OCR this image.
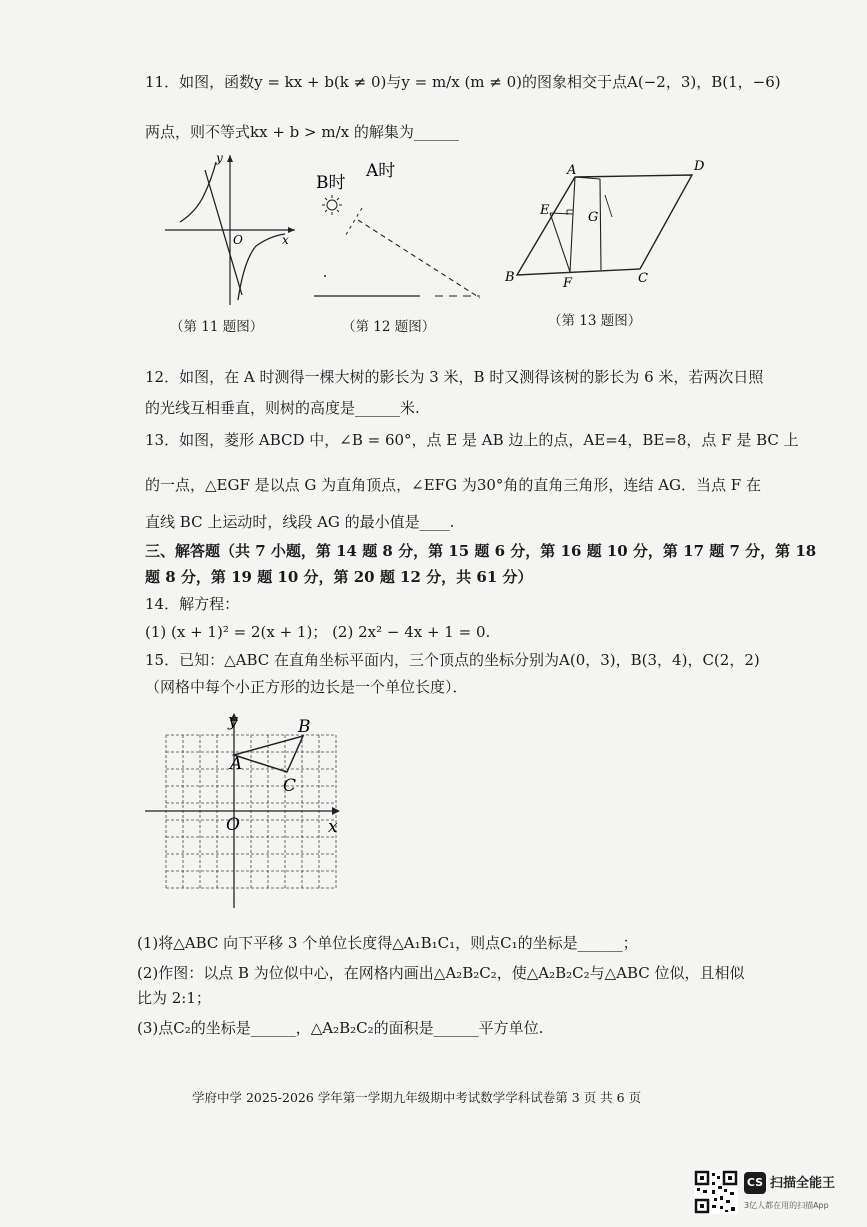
11．如图，函数y = kx + b(k ≠ 0)与y = m/x (m ≠ 0)的图象相交于点A(−2，3)，B(1，−6)
两点，则不等式kx + b > m/x 的解集为______
y
x
O
（第 11 题图）
B时
A时
（第 12 题图）
A	D
E	G
B	F	C
（第 13 题图）
12．如图，在 A 时测得一棵大树的影长为 3 米，B 时又测得该树的影长为 6 米，若两次日照
的光线互相垂直，则树的高度是______米.
13．如图，菱形 ABCD 中，∠B = 60°，点 E 是 AB 边上的点，AE=4，BE=8，点 F 是 BC 上
的一点，△EGF 是以点 G 为直角顶点，∠EFG 为30°角的直角三角形，连结 AG．当点 F 在
直线 BC 上运动时，线段 AG 的最小值是____.
三、解答题（共 7 小题，第 14 题 8 分，第 15 题 6 分，第 16 题 10 分，第 17 题 7 分，第 18
题 8 分，第 19 题 10 分，第 20 题 12 分，共 61 分）
14．解方程：
(1) (x + 1)² = 2(x + 1)； (2) 2x² − 4x + 1 = 0.
15．已知：△ABC 在直角坐标平面内，三个顶点的坐标分别为A(0，3)，B(3，4)，C(2，2)
（网格中每个小正方形的边长是一个单位长度）．
y
x
O
A
B
C
(1)将△ABC 向下平移 3 个单位长度得△A₁B₁C₁，则点C₁的坐标是______；
(2)作图：以点 B 为位似中心，在网格内画出△A₂B₂C₂，使△A₂B₂C₂与△ABC 位似，且相似
比为 2:1；
(3)点C₂的坐标是______，△A₂B₂C₂的面积是______平方单位.
学府中学 2025-2026 学年第一学期九年级期中考试数学学科试卷第 3 页 共 6 页
CS 扫描全能王
3亿人都在用的扫描App
